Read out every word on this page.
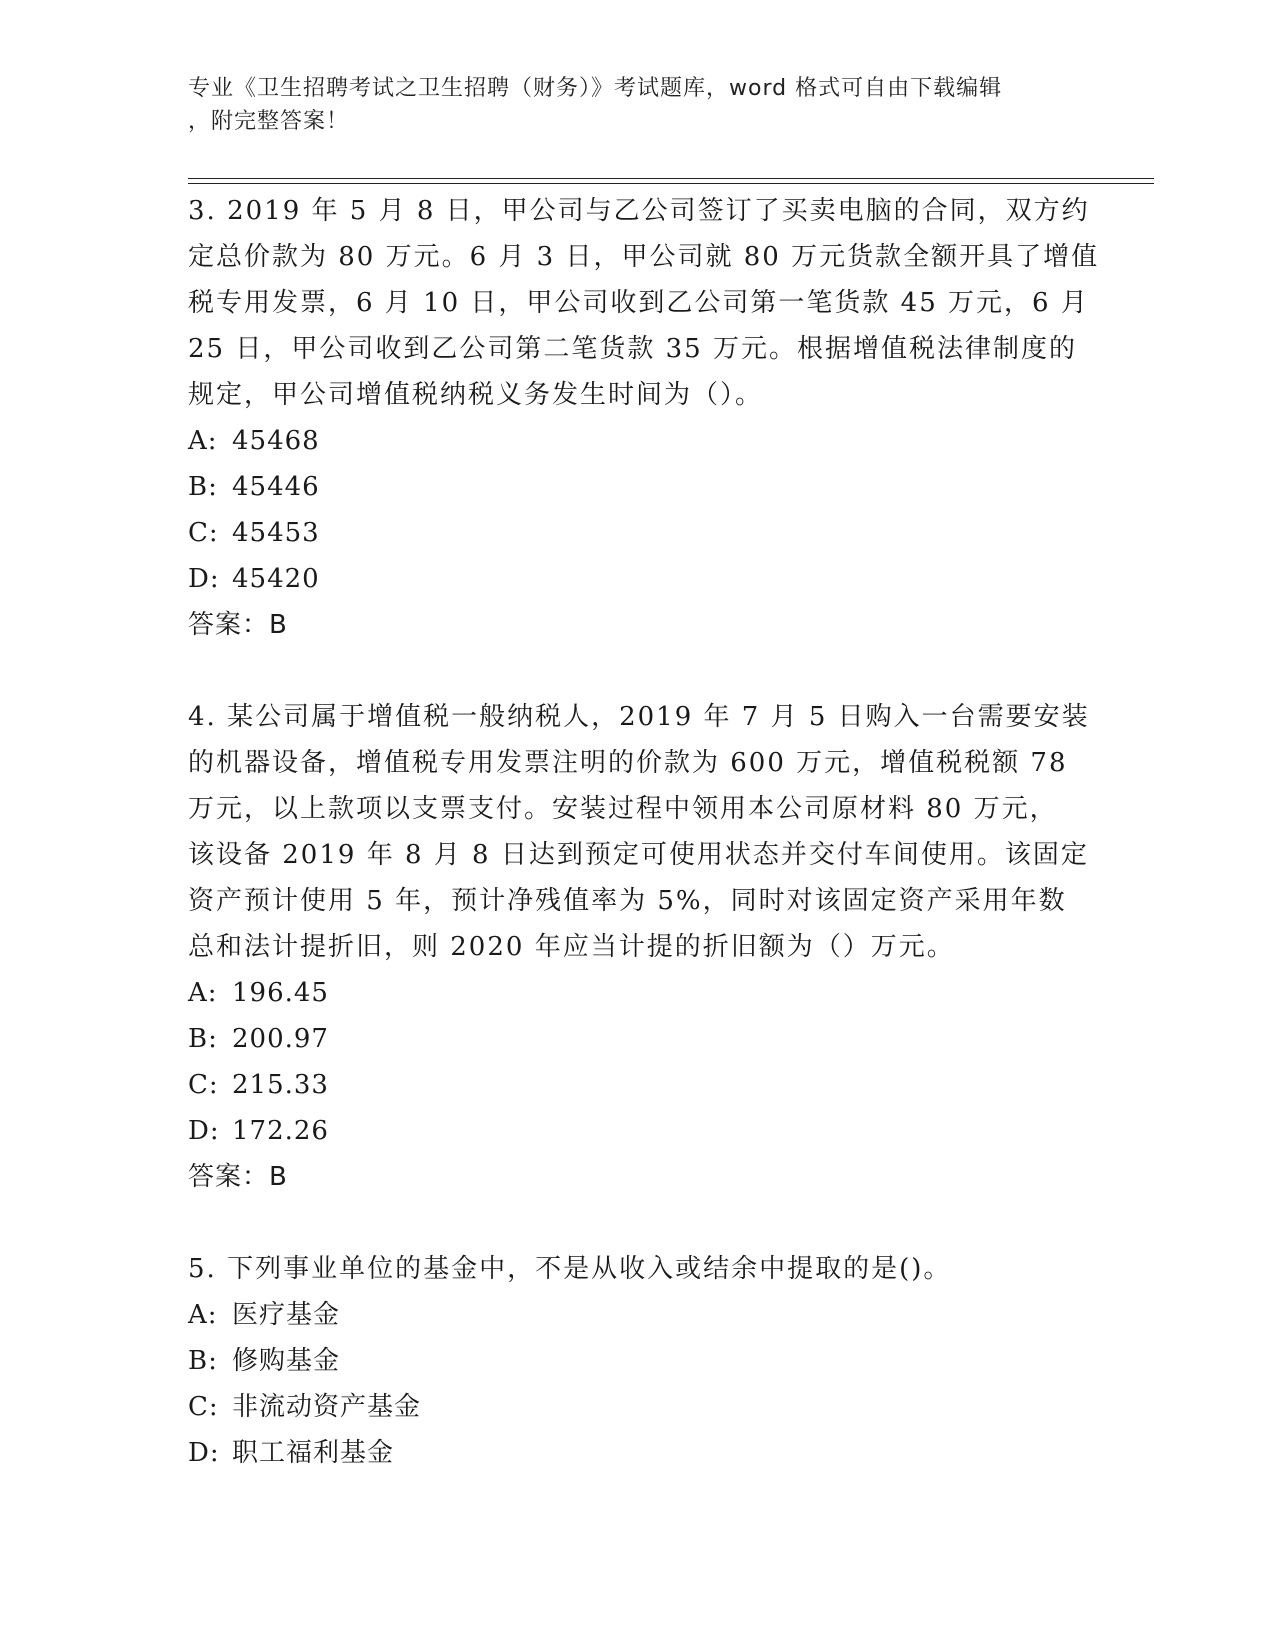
专业《卫生招聘考试之卫生招聘（财务）》考试题库，word 格式可自由下载编辑
，附完整答案！
3. 2019 年 5 月 8 日，甲公司与乙公司签订了买卖电脑的合同，双方约
定总价款为 80 万元。6 月 3 日，甲公司就 80 万元货款全额开具了增值
税专用发票，6 月 10 日，甲公司收到乙公司第一笔货款 45 万元，6 月
25 日，甲公司收到乙公司第二笔货款 35 万元。根据增值税法律制度的
规定，甲公司增值税纳税义务发生时间为（）。
A: 45468
B: 45446
C: 45453
D: 45420
答案：B
4. 某公司属于增值税一般纳税人，2019 年 7 月 5 日购入一台需要安装
的机器设备，增值税专用发票注明的价款为 600 万元，增值税税额 78
万元，以上款项以支票支付。安装过程中领用本公司原材料 80 万元，
该设备 2019 年 8 月 8 日达到预定可使用状态并交付车间使用。该固定
资产预计使用 5 年，预计净残值率为 5%，同时对该固定资产采用年数
总和法计提折旧，则 2020 年应当计提的折旧额为（）万元。
A: 196.45
B: 200.97
C: 215.33
D: 172.26
答案：B
5. 下列事业单位的基金中，不是从收入或结余中提取的是()。
A: 医疗基金
B: 修购基金
C: 非流动资产基金
D: 职工福利基金
